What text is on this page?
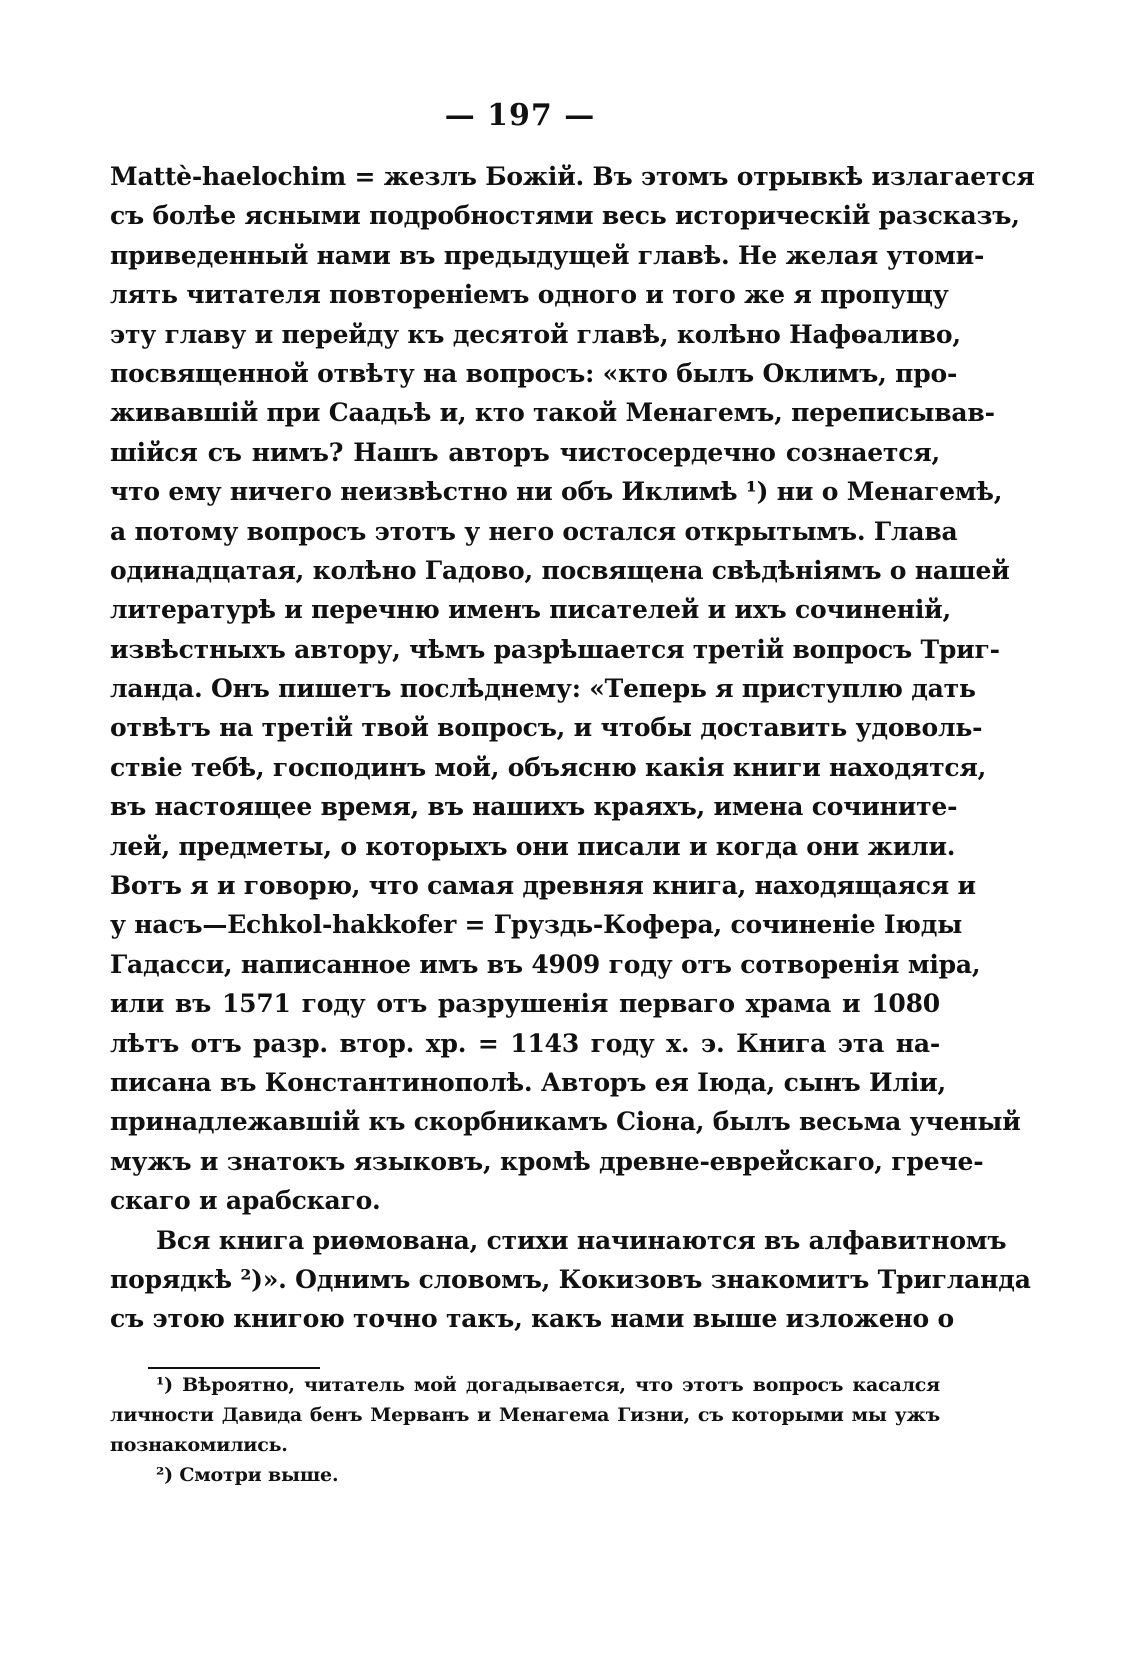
— 197 —
Mattè-haelochim = жезлъ Божій. Въ этомъ отрывкѣ излагается
съ болѣе ясными подробностями весь историческій разсказъ,
приведенный нами въ предыдущей главѣ. Не желая утоми-
лять читателя повтореніемъ одного и того же я пропущу
эту главу и перейду къ десятой главѣ, колѣно Нафѳаливо,
посвященной отвѣту на вопросъ: «кто былъ Оклимъ, про-
живавшій при Саадьѣ и, кто такой Менагемъ, переписывав-
шійся съ нимъ? Нашъ авторъ чистосердечно сознается,
что ему ничего неизвѣстно ни объ Иклимѣ ¹) ни о Менагемѣ,
а потому вопросъ этотъ у него остался открытымъ. Глава
одинадцатая, колѣно Гадово, посвящена свѣдѣніямъ о нашей
литературѣ и перечню именъ писателей и ихъ сочиненій,
извѣстныхъ автору, чѣмъ разрѣшается третій вопросъ Триг-
ланда. Онъ пишетъ послѣднему: «Теперь я приступлю дать
отвѣтъ на третій твой вопросъ, и чтобы доставить удоволь-
ствіе тебѣ, господинъ мой, объясню какія книги находятся,
въ настоящее время, въ нашихъ краяхъ, имена сочините-
лей, предметы, о которыхъ они писали и когда они жили.
Вотъ я и говорю, что самая древняя книга, находящаяся и
у насъ—Echkol-hakkofer = Груздь-Кофера, сочиненіе Іюды
Гадасси, написанное имъ въ 4909 году отъ сотворенія міра,
или въ 1571 году отъ разрушенія перваго храма и 1080
лѣтъ отъ разр. втор. хр. = 1143 году х. э. Книга эта на-
писана въ Константинополѣ. Авторъ ея Іюда, сынъ Иліи,
принадлежавшій къ скорбникамъ Сіона, былъ весьма ученый
мужъ и знатокъ языковъ, кромѣ древне-еврейскаго, грече-
скаго и арабскаго.
Вся книга риѳмована, стихи начинаются въ алфавитномъ
порядкѣ ²)». Однимъ словомъ, Кокизовъ знакомитъ Тригланда
съ этою книгою точно такъ, какъ нами выше изложено о
¹) Вѣроятно, читатель мой догадывается, что этотъ вопросъ касался
личности Давида бенъ Мерванъ и Менагема Гизни, съ которыми мы ужъ
познакомились.
²) Смотри выше.
